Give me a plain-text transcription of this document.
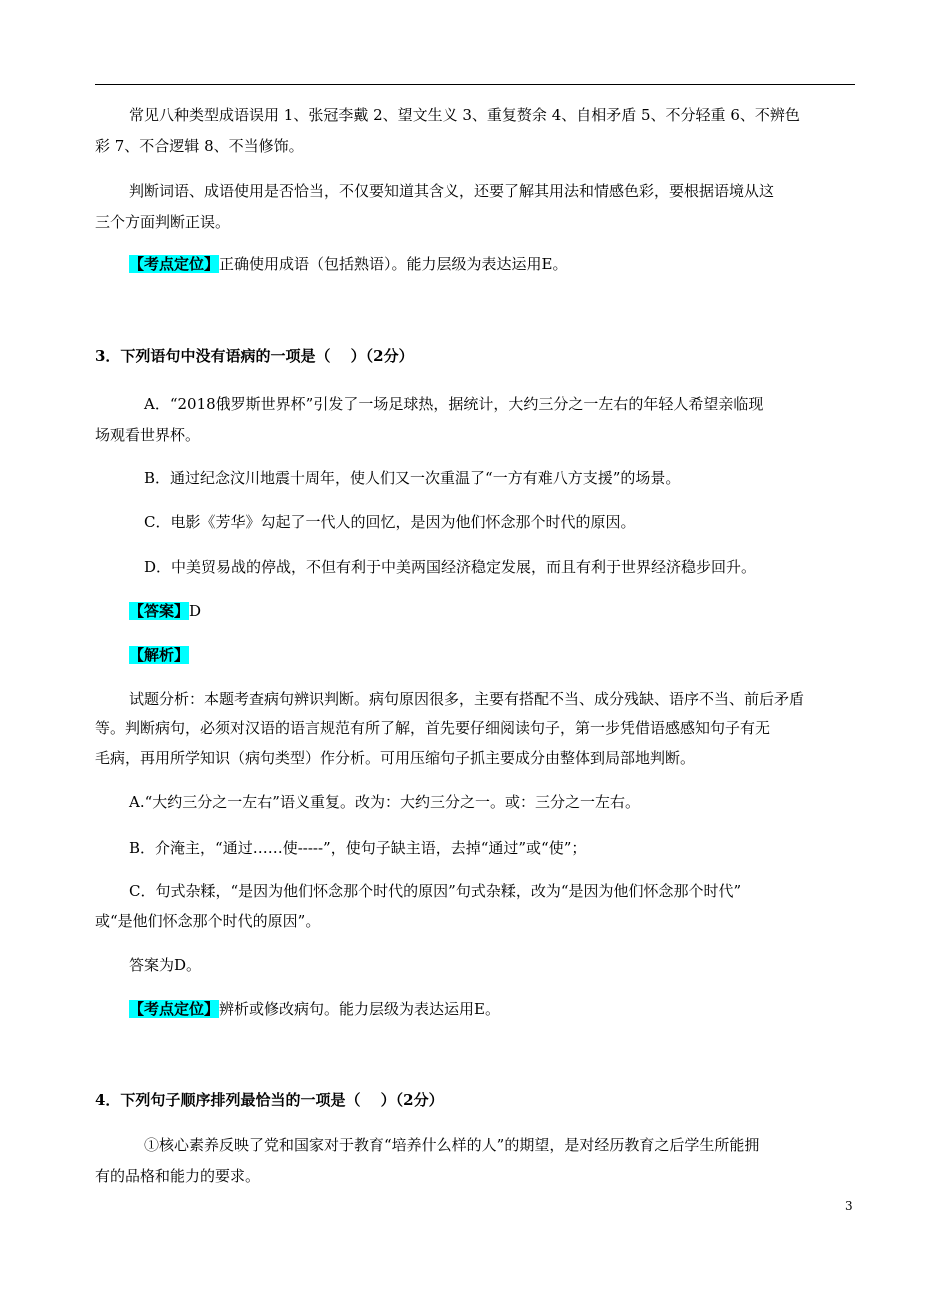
常见八种类型成语误用 1、张冠李戴 2、望文生义 3、重复赘余 4、自相矛盾 5、不分轻重 6、不辨色
彩 7、不合逻辑 8、不当修饰。
判断词语、成语使用是否恰当，不仅要知道其含义，还要了解其用法和情感色彩，要根据语境从这
三个方面判断正误。
【考点定位】正确使用成语（包括熟语）。能力层级为表达运用E。
3．下列语句中没有语病的一项是（　 ）（2分）
A．“2018俄罗斯世界杯”引发了一场足球热，据统计，大约三分之一左右的年轻人希望亲临现
场观看世界杯。
B．通过纪念汶川地震十周年，使人们又一次重温了“一方有难八方支援”的场景。
C．电影《芳华》勾起了一代人的回忆，是因为他们怀念那个时代的原因。
D．中美贸易战的停战，不但有利于中美两国经济稳定发展，而且有利于世界经济稳步回升。
【答案】D
【解析】
试题分析：本题考查病句辨识判断。病句原因很多，主要有搭配不当、成分残缺、语序不当、前后矛盾
等。判断病句，必须对汉语的语言规范有所了解，首先要仔细阅读句子，第一步凭借语感感知句子有无
毛病，再用所学知识（病句类型）作分析。可用压缩句子抓主要成分由整体到局部地判断。
A.“大约三分之一左右”语义重复。改为：大约三分之一。或：三分之一左右。
B．介淹主，“通过……使-----”，使句子缺主语，去掉“通过”或“使”；
C．句式杂糅，“是因为他们怀念那个时代的原因”句式杂糅，改为“是因为他们怀念那个时代”
或“是他们怀念那个时代的原因”。
答案为D。
【考点定位】辨析或修改病句。能力层级为表达运用E。
4．下列句子顺序排列最恰当的一项是（　 ）（2分）
①核心素养反映了党和国家对于教育“培养什么样的人”的期望，是对经历教育之后学生所能拥
有的品格和能力的要求。
3
